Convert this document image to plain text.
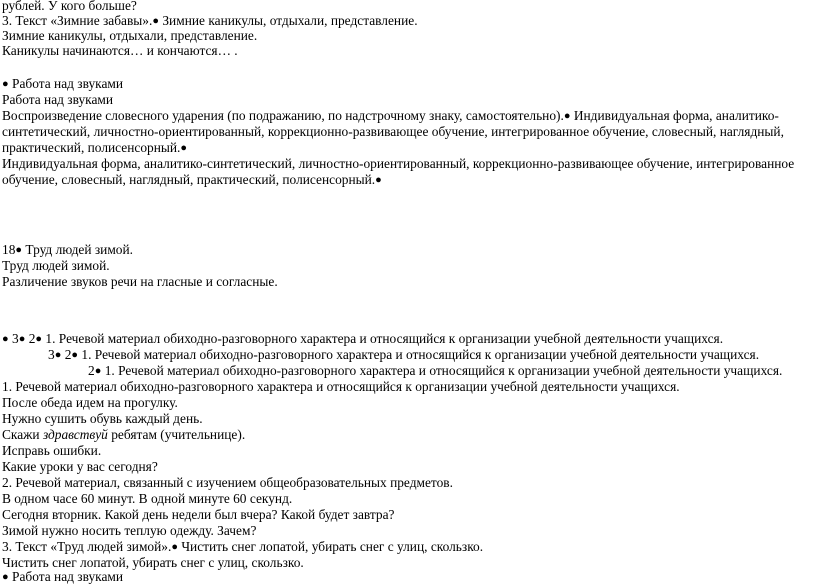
рублей. У кого больше?
3. Текст «Зимние забавы».● Зимние каникулы, отдыхали, представление.
Зимние каникулы, отдыхали, представление.
Каникулы начинаются… и кончаются… .
● Работа над звуками
Работа над звуками
Воспроизведение словесного ударения (по подражанию, по надстрочному знаку, самостоятельно).● Индивидуальная форма, аналитико-
синтетический, личностно-ориентированный, коррекционно-развивающее обучение, интегрированное обучение, словесный, наглядный,
практический, полисенсорный.●
Индивидуальная форма, аналитико-синтетический, личностно-ориентированный, коррекционно-развивающее обучение, интегрированное
обучение, словесный, наглядный, практический, полисенсорный.●
18● Труд людей зимой.
Труд людей зимой.
Различение звуков речи на гласные и согласные.
● 3● 2● 1. Речевой материал обиходно-разговорного характера и относящийся к организации учебной деятельности учащихся.
3● 2● 1. Речевой материал обиходно-разговорного характера и относящийся к организации учебной деятельности учащихся.
2● 1. Речевой материал обиходно-разговорного характера и относящийся к организации учебной деятельности учащихся.
1. Речевой материал обиходно-разговорного характера и относящийся к организации учебной деятельности учащихся.
После обеда идем на прогулку.
Нужно сушить обувь каждый день.
Скажи здравствуй ребятам (учительнице).
Исправь ошибки.
Какие уроки у вас сегодня?
2. Речевой материал, связанный с изучением общеобразовательных предметов.
В одном часе 60 минут. В одной минуте 60 секунд.
Сегодня вторник. Какой день недели был вчера? Какой будет завтра?
Зимой нужно носить теплую одежду. Зачем?
3. Текст «Труд людей зимой».● Чистить снег лопатой, убирать снег с улиц, скользко.
Чистить снег лопатой, убирать снег с улиц, скользко.
● Работа над звуками
